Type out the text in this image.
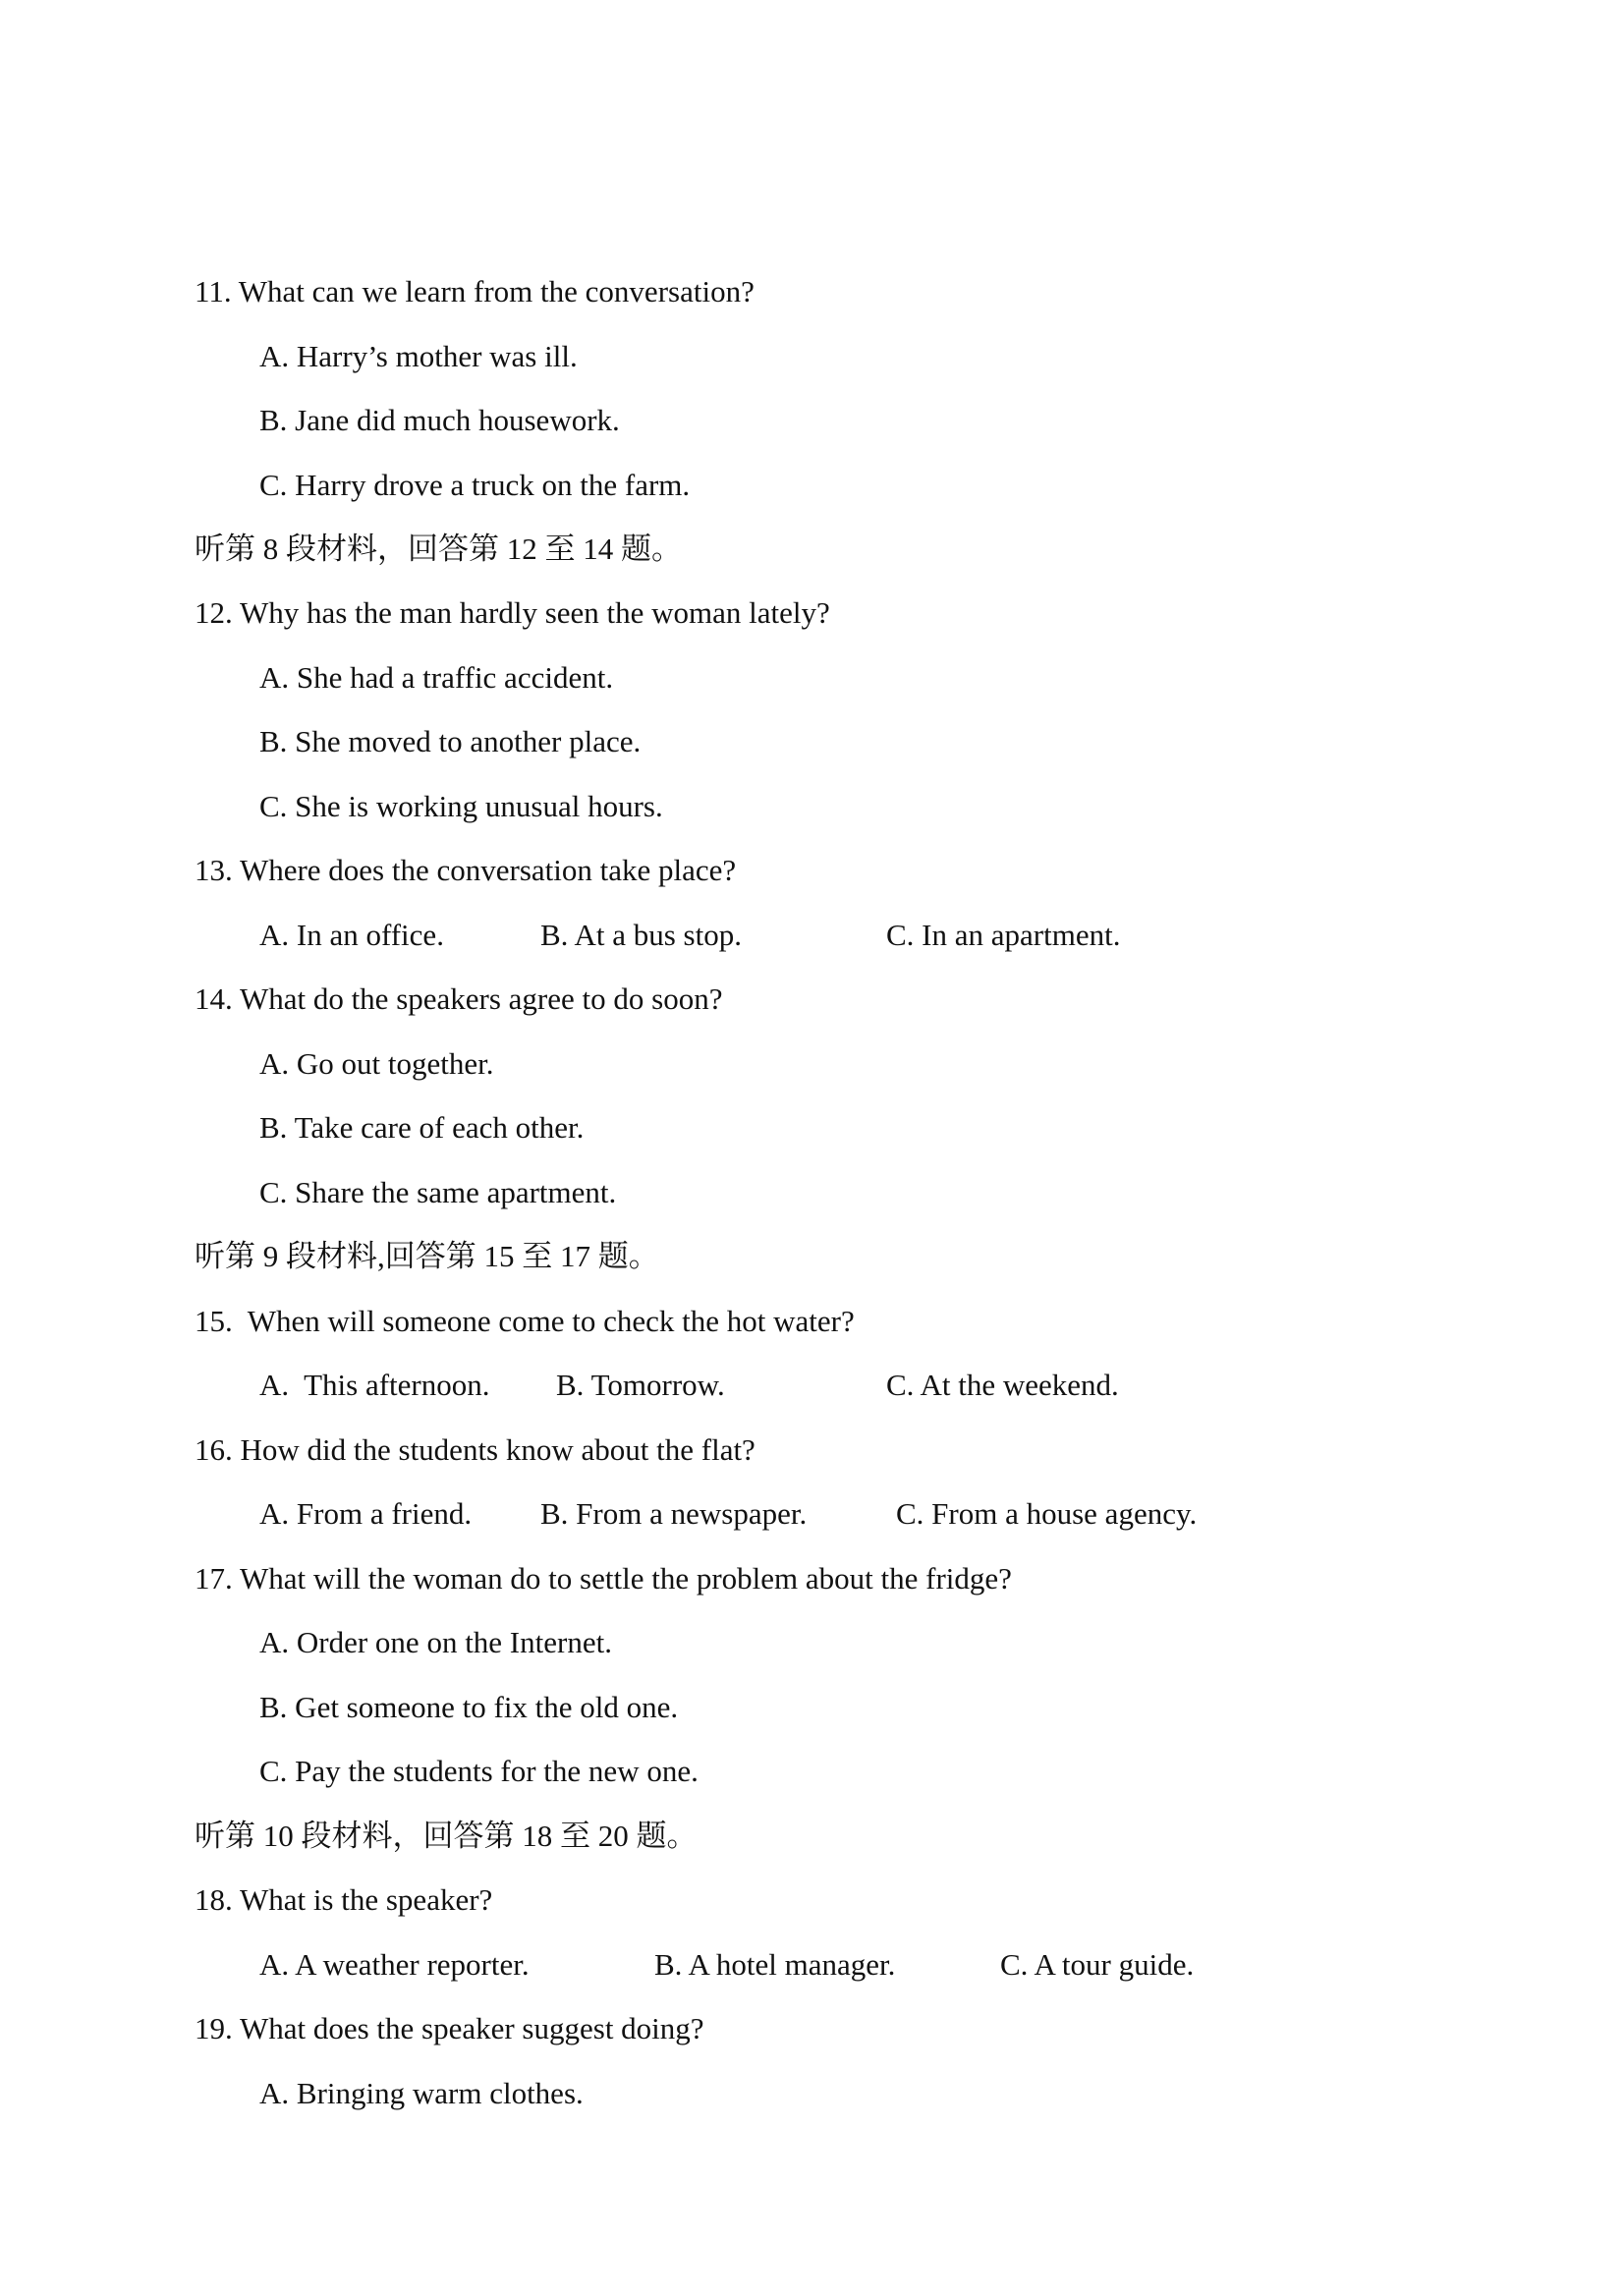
11. What can we learn from the conversation?
A. Harry’s mother was ill.
B. Jane did much housework.
C. Harry drove a truck on the farm.
听第 8 段材料，回答第 12 至 14 题。
12. Why has the man hardly seen the woman lately?
A. She had a traffic accident.
B. She moved to another place.
C. She is working unusual hours.
13. Where does the conversation take place?

A. In an office.

	B. At a bus stop.

	C. In an apartment.

14. What do the speakers agree to do soon?
A. Go out together.
B. Take care of each other.
C. Share the same apartment.
听第 9 段材料,回答第 15 至 17 题。
15.  When will someone come to check the hot water?

A.  This afternoon.

B. Tomorrow.

	C. At the weekend.

16. How did the students know about the flat?

A. From a friend.

B. From a newspaper.

	C. From a house agency.

17. What will the woman do to settle the problem about the fridge?
A. Order one on the Internet.
B. Get someone to fix the old one.
C. Pay the students for the new one.
听第 10 段材料，回答第 18 至 20 题。
18. What is the speaker?

A. A weather reporter.

	B. A hotel manager.

	C. A tour guide.

19. What does the speaker suggest doing?
A. Bringing warm clothes.
